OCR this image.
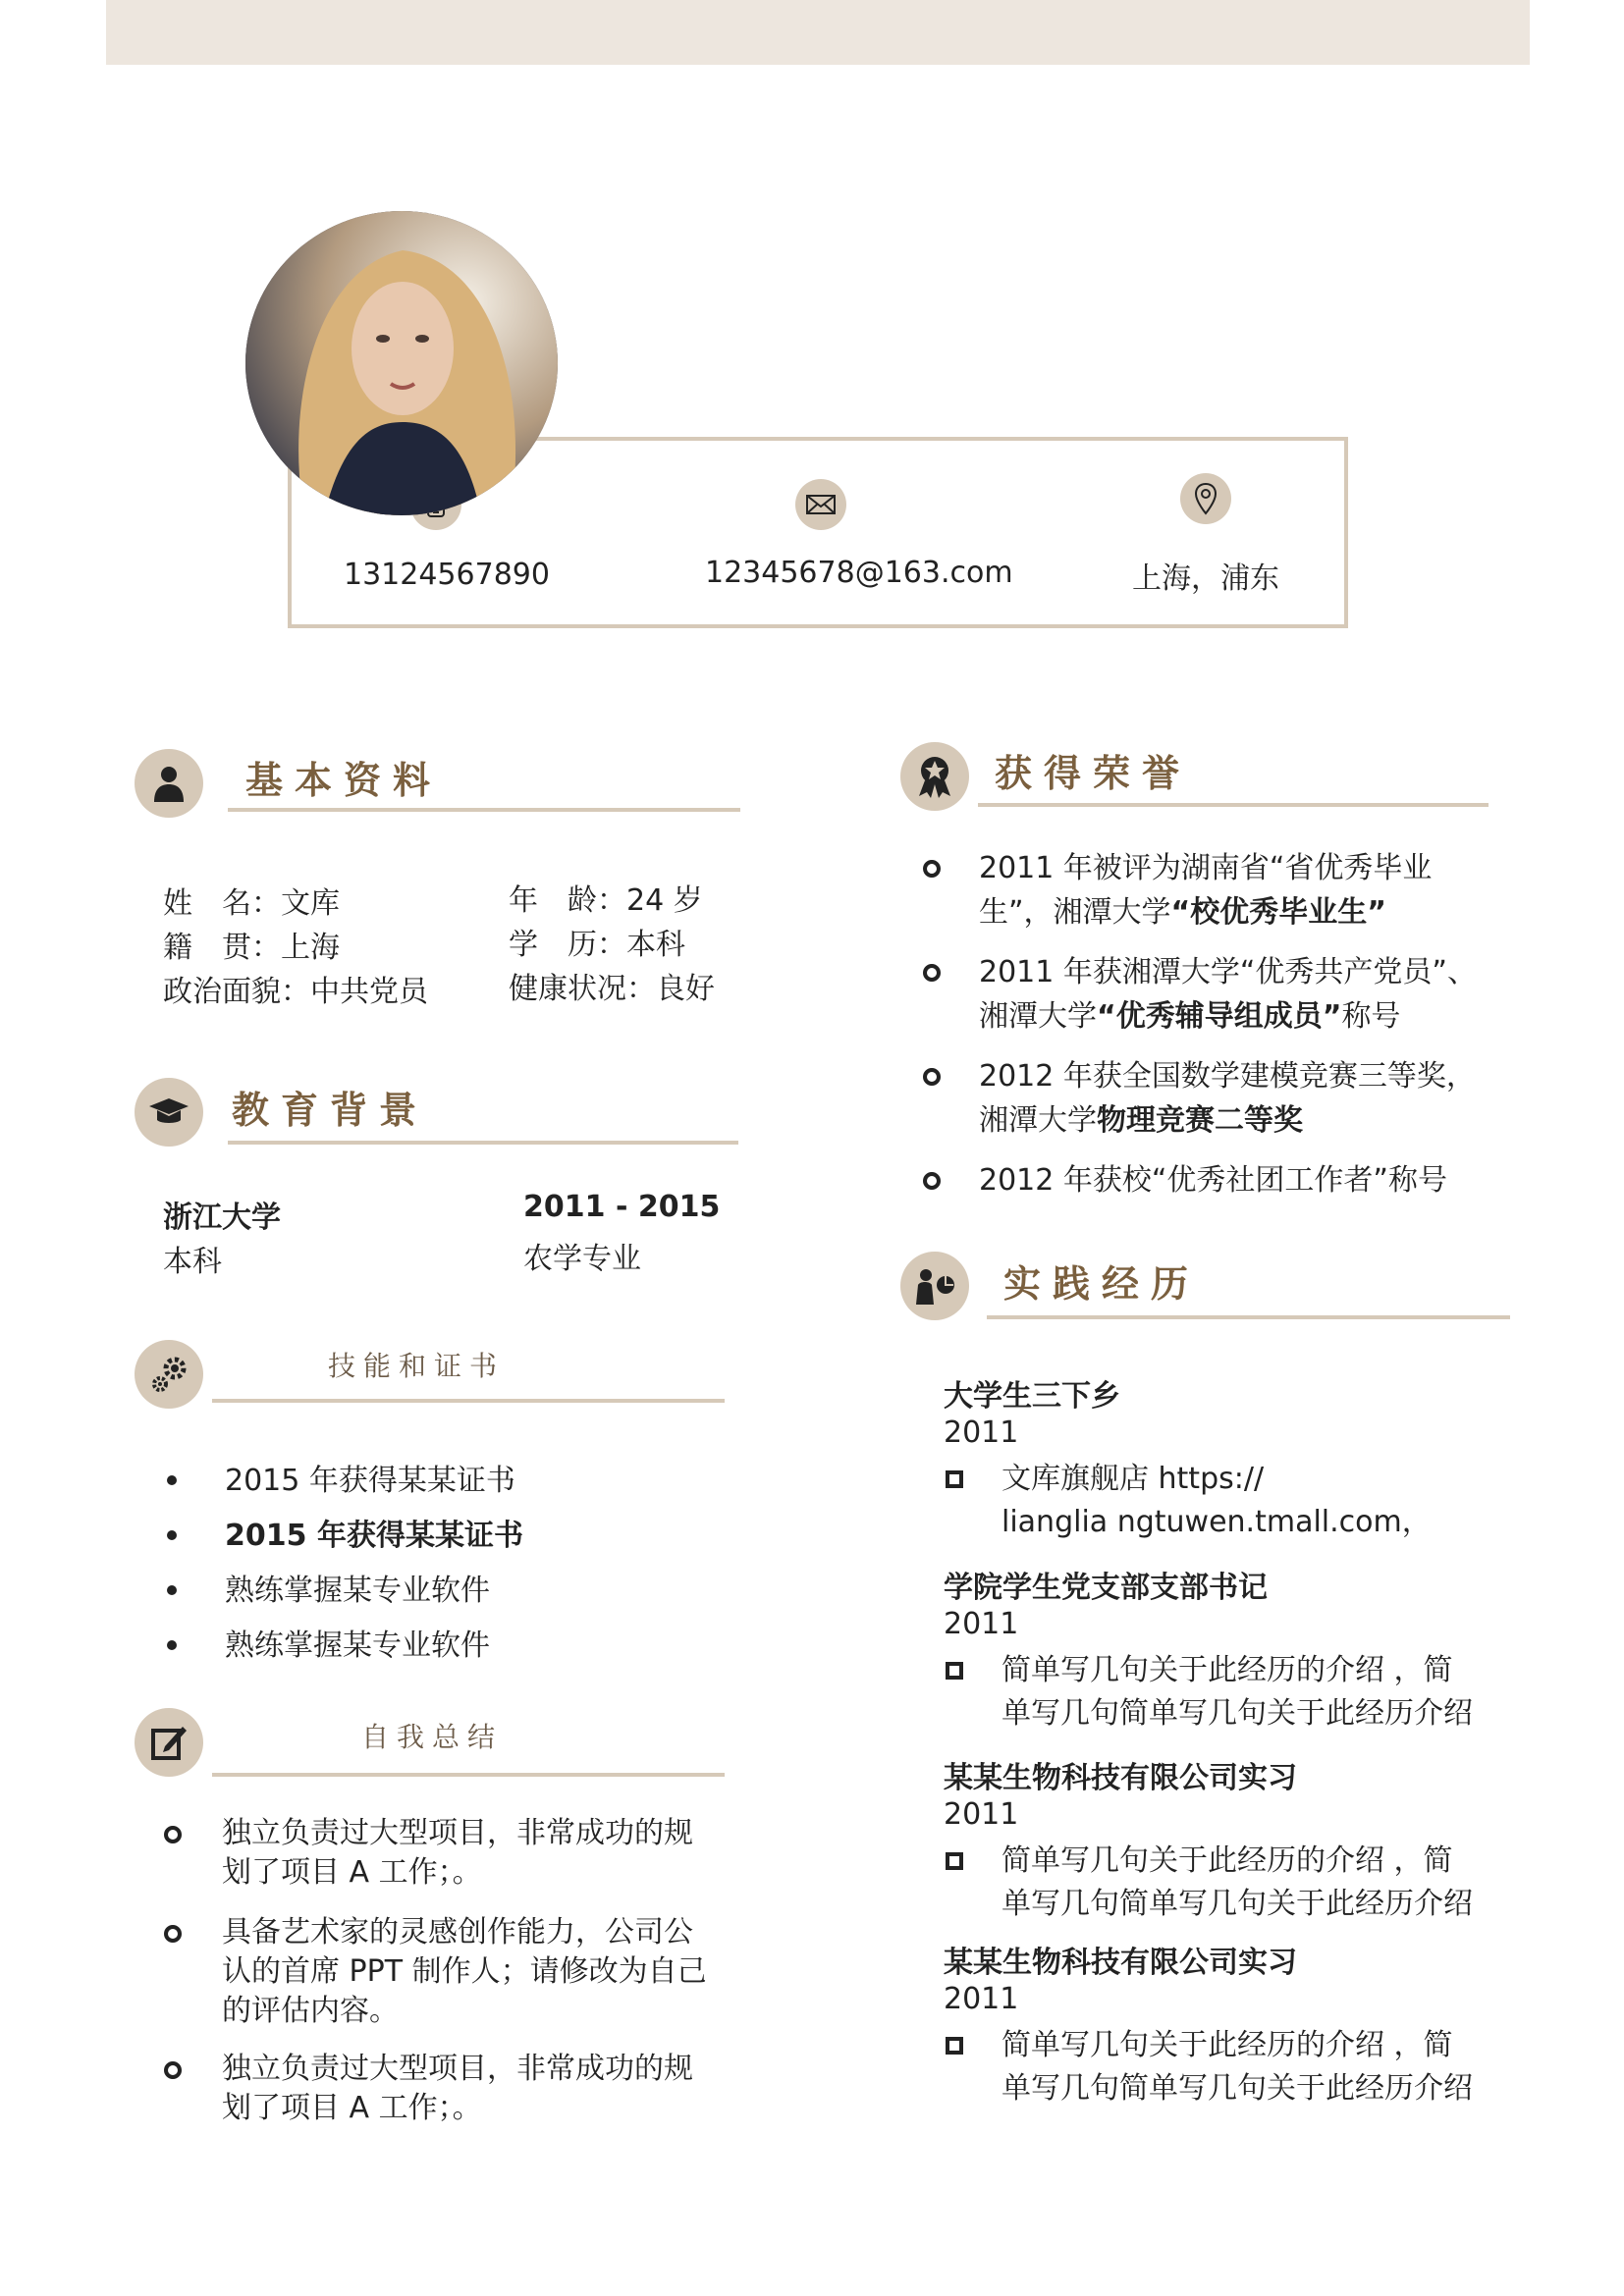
13124567890	12345678@163.com	上海，浦东
基本资料
姓　名：文库
籍　贯：上海
政治面貌：中共党员
年　龄：24 岁
学　历：本科
健康状况：良好
教育背景
浙江大学
本科
2011 - 2015
农学专业
技能和证书
2015 年获得某某证书
2015 年获得某某证书
熟练掌握某专业软件
熟练掌握某专业软件
自我总结
独立负责过大型项目，非常成功的规
划了项目 A 工作；。
具备艺术家的灵感创作能力，公司公
认的首席 PPT 制作人；请修改为自己
的评估内容。
独立负责过大型项目，非常成功的规
划了项目 A 工作；。
获得荣誉
2011 年被评为湖南省“省优秀毕业
生”，湘潭大学“校优秀毕业生”
2011 年获湘潭大学“优秀共产党员”、
湘潭大学“优秀辅导组成员”称号
2012 年获全国数学建模竞赛三等奖，
湘潭大学物理竞赛二等奖
2012 年获校“优秀社团工作者”称号
实践经历
大学生三下乡
2011
文库旗舰店 https://
lianglia ngtuwen.tmall.com，
学院学生党支部支部书记
2011
简单写几句关于此经历的介绍 ，简
单写几句简单写几句关于此经历介绍
某某生物科技有限公司实习
2011
简单写几句关于此经历的介绍 ，简
单写几句简单写几句关于此经历介绍
某某生物科技有限公司实习
2011
简单写几句关于此经历的介绍 ，简
单写几句简单写几句关于此经历介绍
